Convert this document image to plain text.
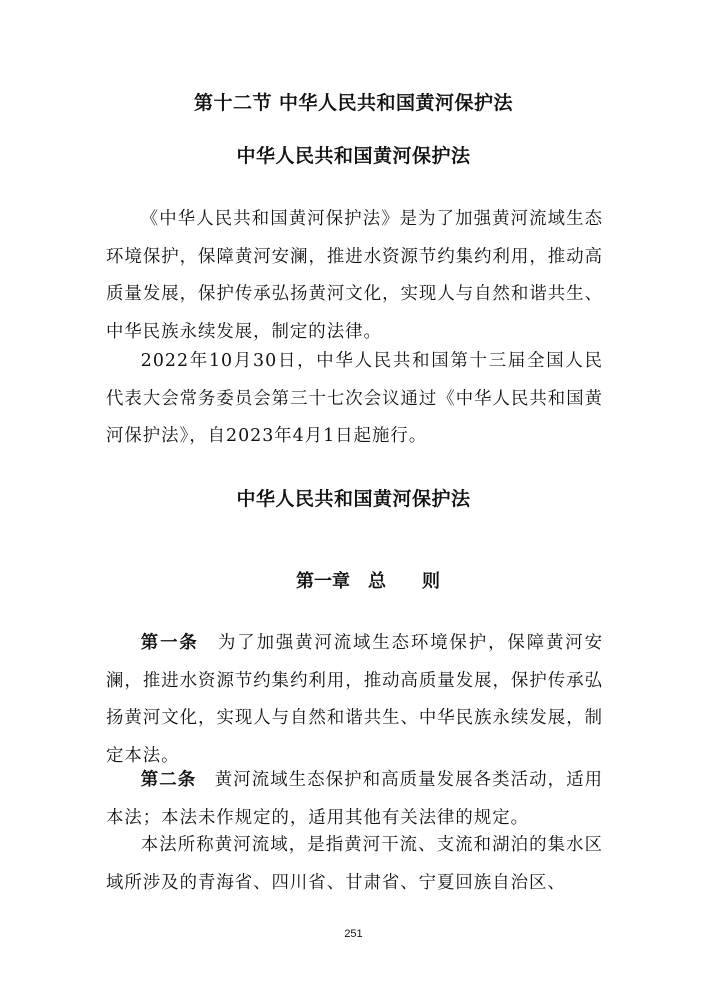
第十二节 中华人民共和国黄河保护法
中华人民共和国黄河保护法

《中华人民共和国黄河保护法》是为了加强黄河流域生态环境保护，保障黄河安澜，推进水资源节约集约利用，推动高质量发展，保护传承弘扬黄河文化，实现人与自然和谐共生、中华民族永续发展，制定的法律。

2022年10月30日，中华人民共和国第十三届全国人民代表大会常务委员会第三十七次会议通过《中华人民共和国黄河保护法》，自2023年4月1日起施行。

中华人民共和国黄河保护法
第一章　总　　则

第一条　 为了加强黄河流域生态环境保护，保障黄河安澜，推进水资源节约集约利用，推动高质量发展，保护传承弘扬黄河文化，实现人与自然和谐共生、中华民族永续发展，制定本法。

第二条　 黄河流域生态保护和高质量发展各类活动，适用本法；本法未作规定的，适用其他有关法律的规定。

本法所称黄河流域，是指黄河干流、支流和湖泊的集水区域所涉及的青海省、四川省、甘肃省、宁夏回族自治区、

251
